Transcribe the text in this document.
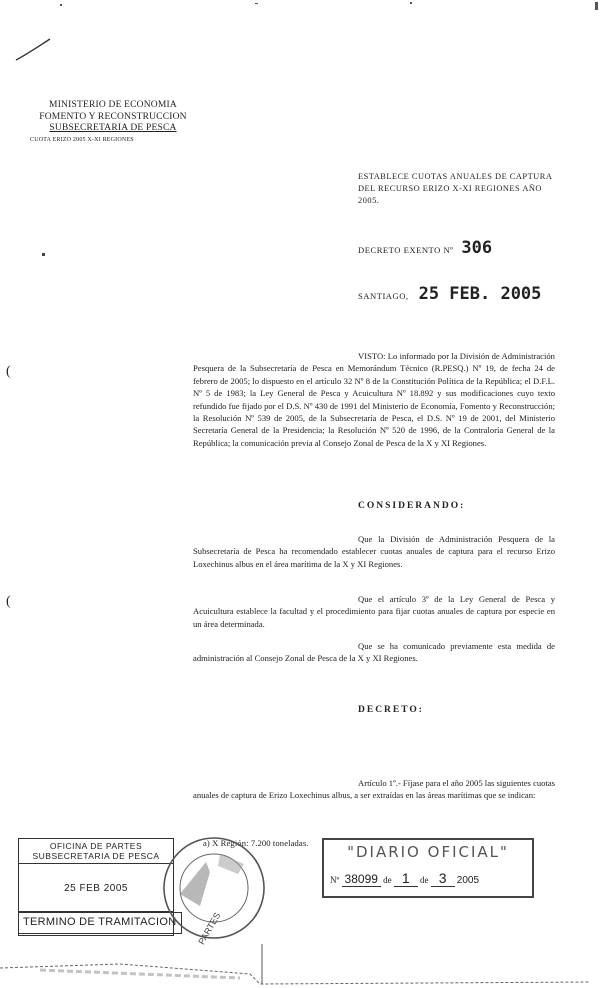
MINISTERIO DE ECONOMIA
FOMENTO Y RECONSTRUCCION
SUBSECRETARIA DE PESCA
CUOTA ERIZO 2005 X-XI REGIONES
ESTABLECE CUOTAS ANUALES DE CAPTURA DEL RECURSO ERIZO X-XI REGIONES AÑO 2005.
DECRETO EXENTO Nº 306
SANTIAGO, 25 FEB. 2005
(
(
VISTO: Lo informado por la División de Administración Pesquera de la Subsecretaría de Pesca en Memorándum Técnico (R.PESQ.) Nº 19, de fecha 24 de febrero de 2005; lo dispuesto en el artículo 32 Nº 8 de la Constitución Política de la República; el D.F.L. Nº 5 de 1983; la Ley General de Pesca y Acuicultura Nº 18.892 y sus modificaciones cuyo texto refundido fue fijado por el D.S. Nº 430 de 1991 del Ministerio de Economía, Fomento y Reconstrucción; la Resolución Nº 539 de 2005, de la Subsecretaría de Pesca, el D.S. Nº 19 de 2001, del Ministerio Secretaría General de la Presidencia; la Resolución Nº 520 de 1996, de la Contraloría General de la República; la comunicación previa al Consejo Zonal de Pesca de la X y XI Regiones.
CONSIDERANDO:
Que la División de Administración Pesquera de la Subsecretaría de Pesca ha recomendado establecer cuotas anuales de captura para el recurso Erizo Loxechinus albus en el área marítima de la X y XI Regiones.
Que el artículo 3º de la Ley General de Pesca y Acuicultura establece la facultad y el procedimiento para fijar cuotas anuales de captura por especie en un área determinada.
Que se ha comunicado previamente esta medida de administración al Consejo Zonal de Pesca de la X y XI Regiones.
DECRETO:
Artículo 1º.- Fíjase para el año 2005 las siguientes cuotas anuales de captura de Erizo Loxechinus albus, a ser extraídas en las áreas marítimas que se indican:
a) X Región: 7.200 toneladas.
OFICINA DE PARTES
SUBSECRETARIA DE PESCA
25 FEB 2005
TERMINO DE TRAMITACION PARTES
"DIARIO OFICIAL"
Nº 38099 de 1 de 3 2005
